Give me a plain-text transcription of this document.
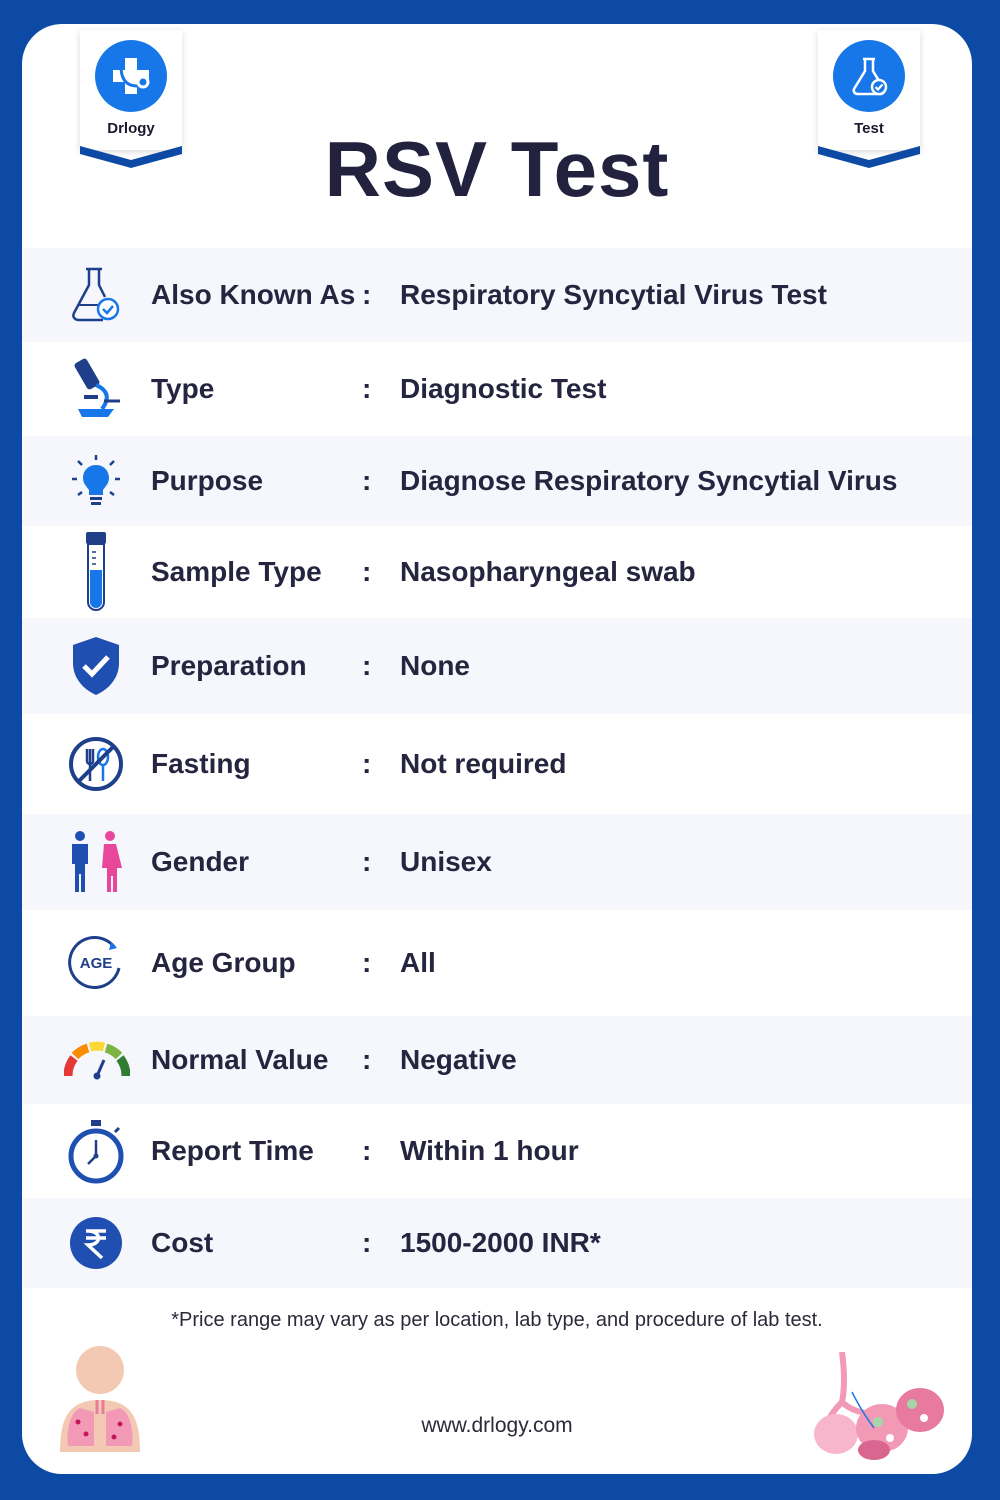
Drlogy	Test
RSV Test
Also Known As : Respiratory Syncytial Virus Test
Type	: Diagnostic Test
Purpose	: Diagnose Respiratory Syncytial Virus
Sample Type : Nasopharyngeal swab
Preparation : None
Fasting	: Not required
Gender	: Unisex
AGE Age Group : All
Normal Value : Negative
Report Time : Within 1 hour
Cost	: 1500-2000 INR*
*Price range may vary as per location, lab type, and procedure of lab test.
www.drlogy.com
